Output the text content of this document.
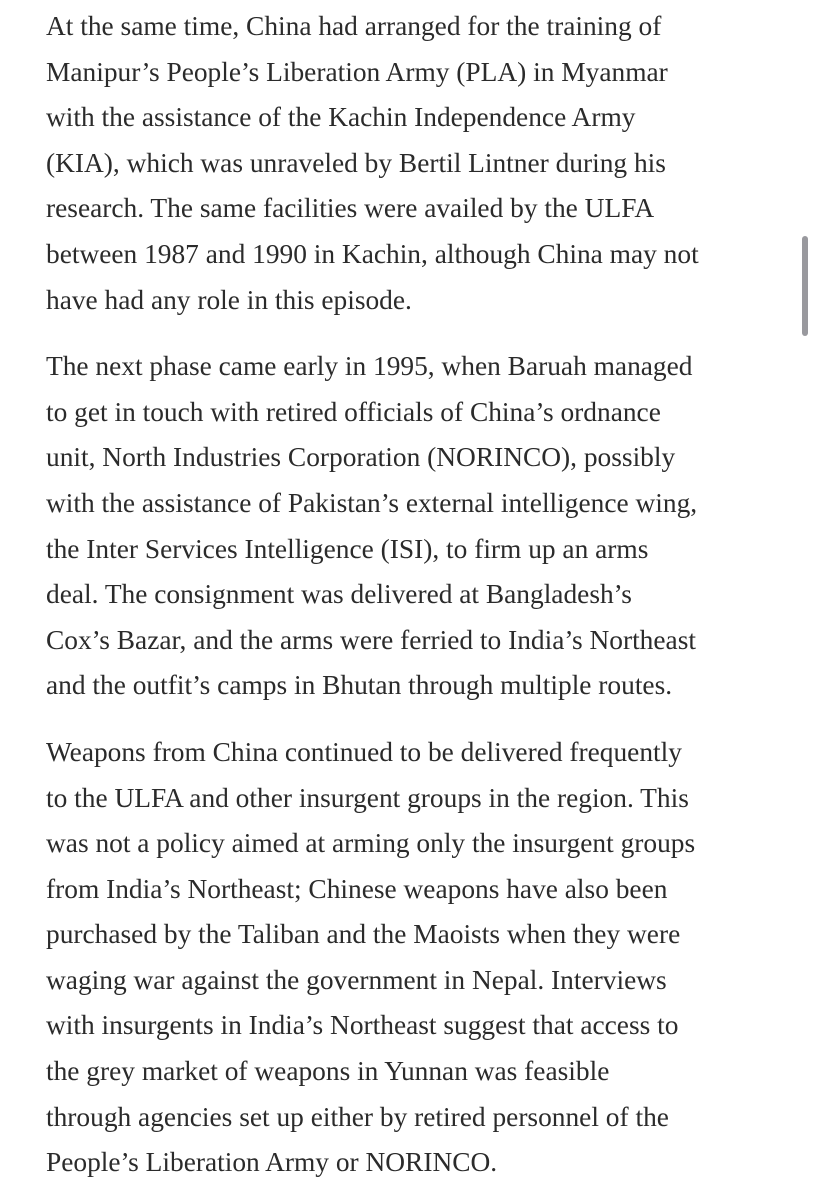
At the same time, China had arranged for the training of
Manipur’s People’s Liberation Army (PLA) in Myanmar
with the assistance of the Kachin Independence Army
(KIA), which was unraveled by Bertil Lintner during his
research. The same facilities were availed by the ULFA
between 1987 and 1990 in Kachin, although China may not
have had any role in this episode.

The next phase came early in 1995, when Baruah managed
to get in touch with retired officials of China’s ordnance
unit, North Industries Corporation (NORINCO), possibly
with the assistance of Pakistan’s external intelligence wing,
the Inter Services Intelligence (ISI), to firm up an arms
deal. The consignment was delivered at Bangladesh’s
Cox’s Bazar, and the arms were ferried to India’s Northeast
and the outfit’s camps in Bhutan through multiple routes.

Weapons from China continued to be delivered frequently
to the ULFA and other insurgent groups in the region. This
was not a policy aimed at arming only the insurgent groups
from India’s Northeast; Chinese weapons have also been
purchased by the Taliban and the Maoists when they were
waging war against the government in Nepal. Interviews
with insurgents in India’s Northeast suggest that access to
the grey market of weapons in Yunnan was feasible
through agencies set up either by retired personnel of the
People’s Liberation Army or NORINCO.
